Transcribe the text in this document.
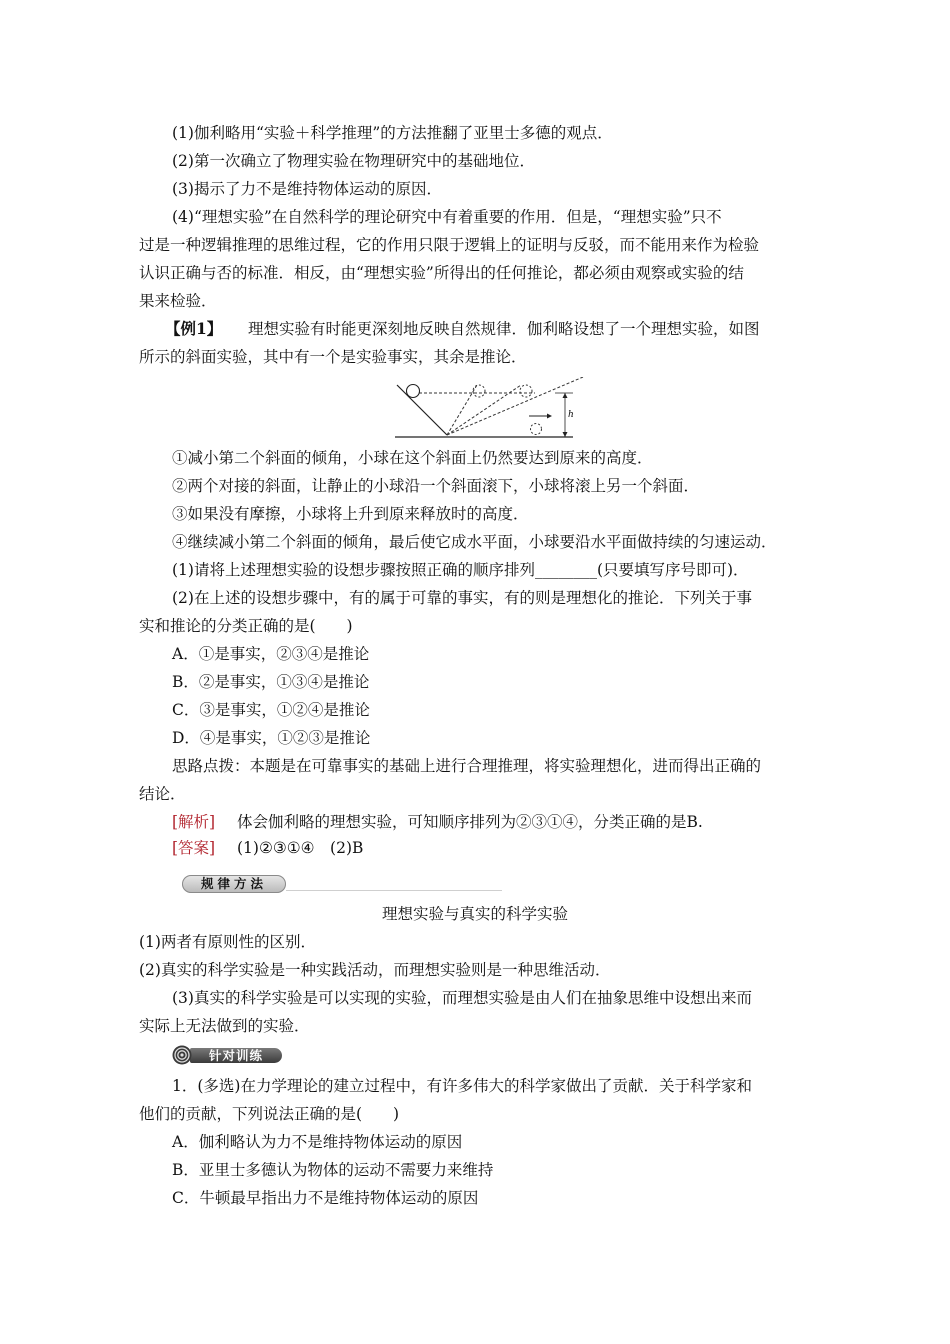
(1)伽利略用“实验＋科学推理”的方法推翻了亚里士多德的观点．
(2)第一次确立了物理实验在物理研究中的基础地位．
(3)揭示了力不是维持物体运动的原因．
(4)“理想实验”在自然科学的理论研究中有着重要的作用．但是，“理想实验”只不
过是一种逻辑推理的思维过程，它的作用只限于逻辑上的证明与反驳，而不能用来作为检验
认识正确与否的标准．相反，由“理想实验”所得出的任何推论，都必须由观察或实验的结
果来检验．
【例1】 理想实验有时能更深刻地反映自然规律．伽利略设想了一个理想实验，如图
所示的斜面实验，其中有一个是实验事实，其余是推论．
h
①减小第二个斜面的倾角，小球在这个斜面上仍然要达到原来的高度．
②两个对接的斜面，让静止的小球沿一个斜面滚下，小球将滚上另一个斜面．
③如果没有摩擦，小球将上升到原来释放时的高度．
④继续减小第二个斜面的倾角，最后使它成水平面，小球要沿水平面做持续的匀速运动．
(1)请将上述理想实验的设想步骤按照正确的顺序排列________(只要填写序号即可)．
(2)在上述的设想步骤中，有的属于可靠的事实，有的则是理想化的推论．下列关于事
实和推论的分类正确的是(　　)
A．①是事实，②③④是推论
B．②是事实，①③④是推论
C．③是事实，①②④是推论
D．④是事实，①②③是推论
思路点拨：本题是在可靠事实的基础上进行合理推理，将实验理想化，进而得出正确的
结论．
[解析] 体会伽利略的理想实验，可知顺序排列为②③①④，分类正确的是B.
[答案] (1)②③①④　(2)B
规律方法
理想实验与真实的科学实验
(1)两者有原则性的区别．
(2)真实的科学实验是一种实践活动，而理想实验则是一种思维活动．
(3)真实的科学实验是可以实现的实验，而理想实验是由人们在抽象思维中设想出来而
实际上无法做到的实验．
针对训练
1．(多选)在力学理论的建立过程中，有许多伟大的科学家做出了贡献．关于科学家和
他们的贡献，下列说法正确的是(　　)
A．伽利略认为力不是维持物体运动的原因
B．亚里士多德认为物体的运动不需要力来维持
C．牛顿最早指出力不是维持物体运动的原因
